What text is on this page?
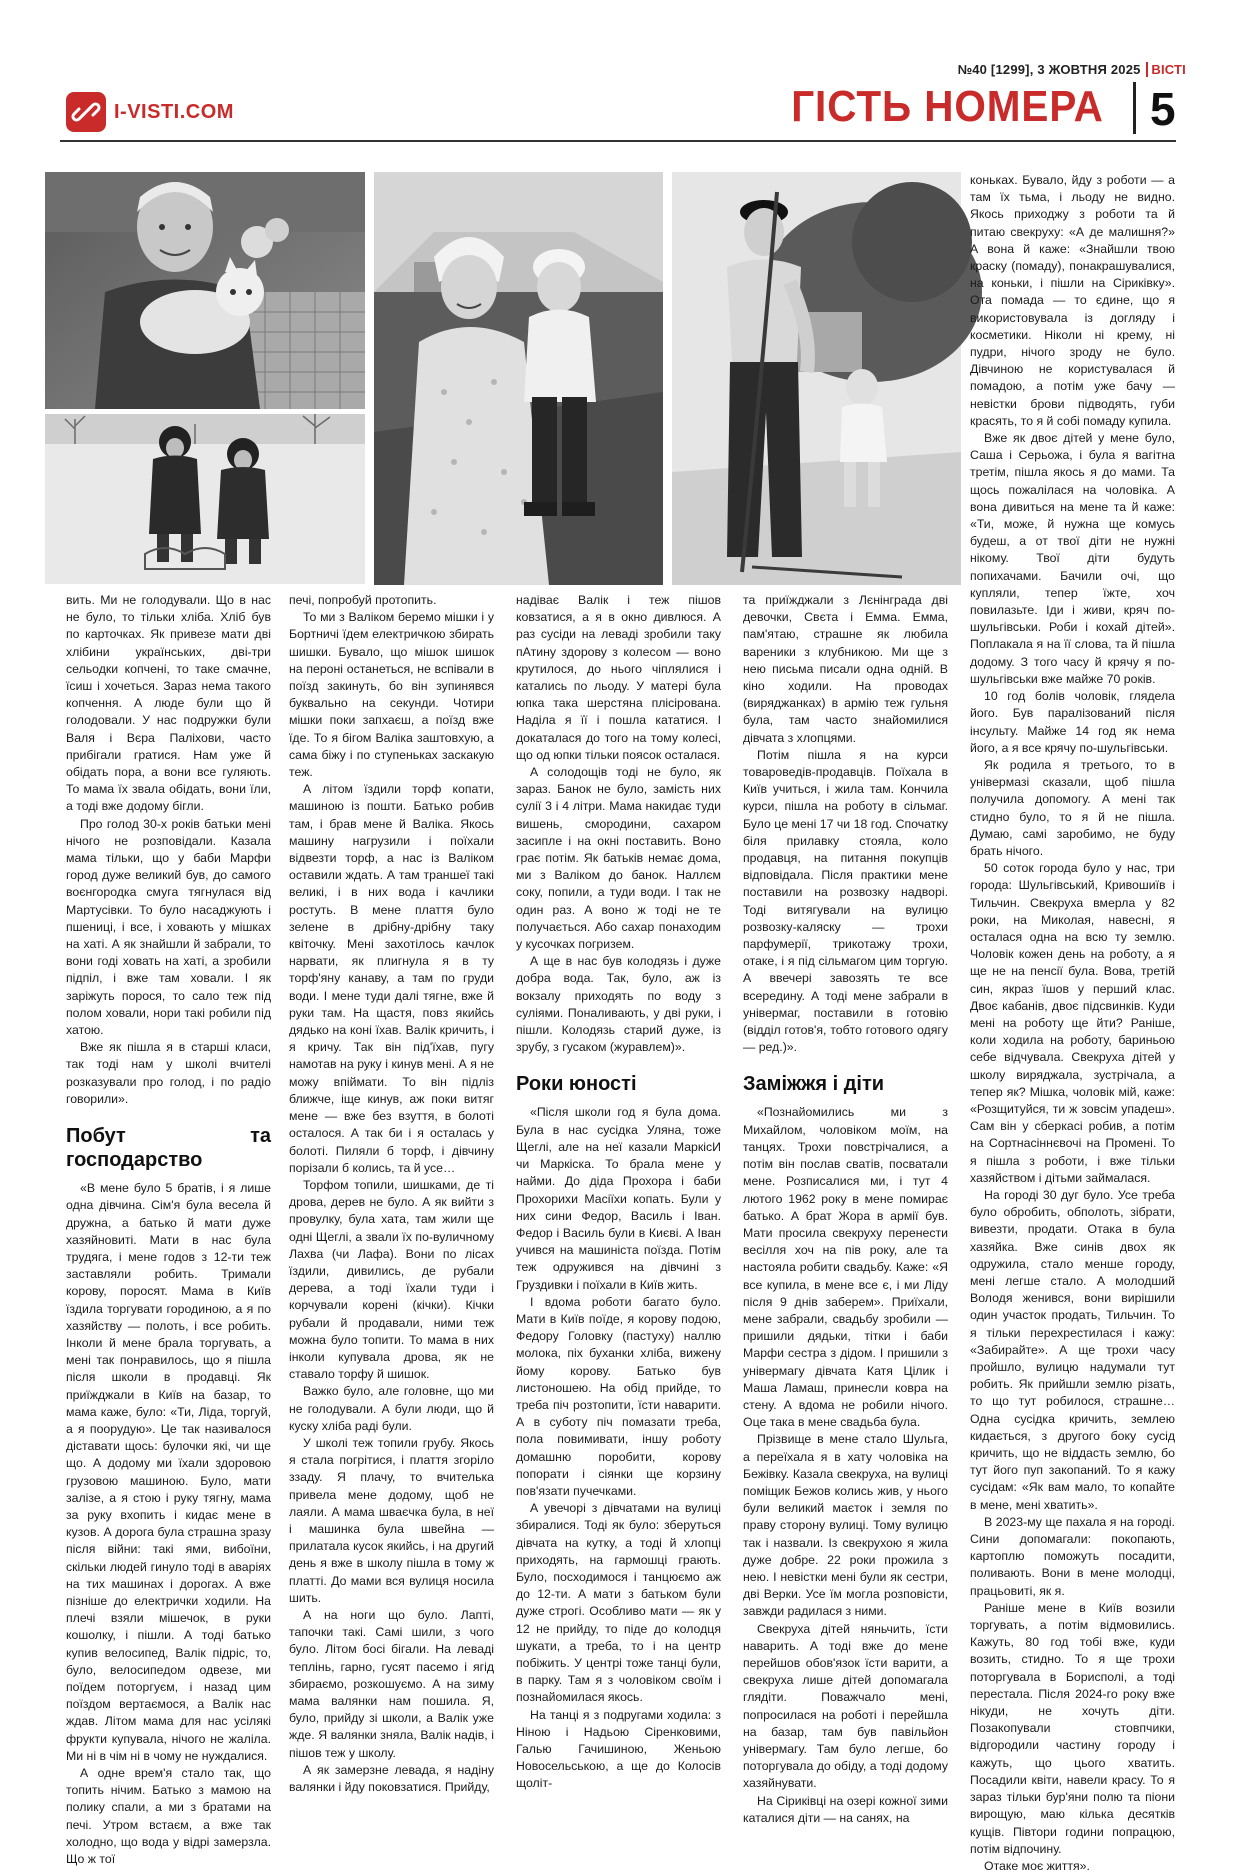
№40 [1299], 3 ЖОВТНЯ 2025 ВІСТІ
I-VISTI.COM	ГІСТЬ НОМЕРА 5

вить. Ми не голодували. Що в нас не було, то тільки хліба. Хліб був по карточках. Як привезе мати дві хлібини українських, дві-три сельодки копчені, то таке смачне, їсиш і хочеться. Зараз нема такого копчення. А люде були що й голодовали. У нас подружки були Валя і Вєра Паліхови, часто прибігали гратися. Нам уже й обідать пора, а вони все гуляють. То мама їх звала обідать, вони їли, а тоді вже додому бігли.

Про голод 30-х років батьки мені нічого не розповідали. Казала мама тільки, що у баби Марфи город дуже великий був, до самого воєнгородка смуга тягнулася від Мартусівки. То було насаджують і пшениці, і все, і ховають у мішках на хаті. А як знайшли й забрали, то вони годі ховать на хаті, а зробили підпіл, і вже там ховали. І як заріжуть порося, то сало теж під полом ховали, нори такі робили під хатою.

Вже як пішла я в старші класи, так тоді нам у школі вчителі розказували про голод, і по радіо говорили».

Побут та господарство

«В мене було 5 братів, і я лише одна дівчина. Сім'я була весела й дружна, а батько й мати дуже хазяйновиті. Мати в нас була трудяга, і мене годов з 12-ти теж заставляли робить. Тримали корову, поросят. Мама в Київ їздила торгувати городиною, а я по хазяйству — полоть, і все робить. Інколи й мене брала торгувать, а мені так понравилось, що я пішла після школи в продавці. Як приїжджали в Київ на базар, то мама каже, було: «Ти, Ліда, торгуй, а я поорудую». Це так називалося діставати щось: булочки які, чи ще що. А додому ми їхали здоровою грузовою машиною. Було, мати залізе, а я стою і руку тягну, мама за руку вхопить і кидає мене в кузов. А дорога була страшна зразу після війни: такі ями, вибоїни, скільки людей гинуло тоді в аваріях на тих машинах і дорогах. А вже пізніше до електрички ходили. На плечі взяли мішечок, в руки кошолку, і пішли. А тоді батько купив велосипед, Валік підріс, то, було, велосипедом одвезе, ми поїдем поторгуєм, і назад цим поїздом вертаємося, а Валік нас ждав. Літом мама для нас усілякі фрукти купувала, нічого не жаліла. Ми ні в чім ні в чому не нуждалися.

А одне врем'я стало так, що топить нічим. Батько з мамою на полику спали, а ми з братами на печі. Утром встаєм, а вже так холодно, що вода у відрі замерзла. Що ж тої

печі, попробуй протопить.

То ми з Валіком беремо мішки і у Бортничі їдем електричкою збирать шишки. Бувало, що мішок шишок на пероні останеться, не вспівали в поїзд закинуть, бо він зупинявся буквально на секунди. Чотири мішки поки запхаєш, а поїзд вже їде. То я бігом Валіка заштовхую, а сама біжу і по ступеньках заскакую теж.

А літом їздили торф копати, машиною із пошти. Батько робив там, і брав мене й Валіка. Якось машину нагрузили і поїхали відвезти торф, а нас із Валіком оставили ждать. А там траншеї такі великі, і в них вода і качлики ростуть. В мене плаття було зелене в дрібну-дрібну таку квіточку. Мені захотілось качлок нарвати, як плигнула я в ту торф'яну канаву, а там по груди води. І мене туди далі тягне, вже й руки там. На щастя, повз якийсь дядько на коні їхав. Валік кричить, і я кричу. Так він під'їхав, пугу намотав на руку і кинув мені. А я не можу впіймати. То він підліз ближче, іще кинув, аж поки витяг мене — вже без взуття, в болоті осталося. А так би і я осталась у болоті. Пиляли б торф, і дівчину порізали б колись, та й усе…

Торфом топили, шишками, де ті дрова, дерев не було. А як вийти з провулку, була хата, там жили ще одні Щеглі, а звали їх по-вуличному Лахва (чи Лафа). Вони по лісах їздили, дивились, де рубали дерева, а тоді їхали туди і корчували корені (кічки). Кічки рубали й продавали, ними теж можна було топити. То мама в них інколи купувала дрова, як не ставало торфу й шишок.

Важко було, але головне, що ми не голодували. А були люди, що й куску хліба раді були.

У школі теж топили грубу. Якось я стала погрітися, і плаття згоріло ззаду. Я плачу, то вчителька привела мене додому, щоб не лаяли. А мама шваєчка була, в неї і машинка була швейна — прилатала кусок якийсь, і на другий день я вже в школу пішла в тому ж платті. До мами вся вулиця носила шить.

А на ноги що було. Лапті, тапочки такі. Самі шили, з чого було. Літом босі бігали. На леваді теплінь, гарно, гусят пасемо і ягід збираємо, розкошуємо. А на зиму мама валянки нам пошила. Я, було, прийду зі школи, а Валік уже жде. Я валянки зняла, Валік надів, і пішов теж у школу.

А як замерзне левада, я надіну валянки і йду поковзатися. Прийду,

надіває Валік і теж пішов ковзатися, а я в окно дивлюся. А раз сусіди на леваді зробили таку пАтину здорову з колесом — воно крутилося, до нього чіплялися і катались по льоду. У матері була юпка така шерстяна плісірована. Наділа я її і пошла кататися. І докаталася до того на тому колесі, що од юпки тільки поясок осталася.

А солодощів тоді не було, як зараз. Банок не було, замість них сулії 3 і 4 літри. Мама накидає туди вишень, смородини, сахаром засипле і на окні поставить. Воно грає потім. Як батьків немає дома, ми з Валіком до банок. Наллєм соку, попили, а туди води. І так не один раз. А воно ж тоді не те получається. Або сахар понаходим у кусочках погризем.

А ще в нас був колодязь і дуже добра вода. Так, було, аж із вокзалу приходять по воду з суліями. Поналивають, у дві руки, і пішли. Колодязь старий дуже, із зрубу, з гусаком (журавлем)».

Роки юності

«Після школи год я була дома. Була в нас сусідка Уляна, тоже Щеглі, але на неї казали МаркісИ чи Маркіска. То брала мене у найми. До дідa Прохора і баби Прохорихи Масіїхи копать. Були у них сини Федор, Василь і Іван. Федор і Василь були в Києві. А Іван учився на машиніста поїзда. Потім теж одружився на дівчині з Груздивки і поїхали в Київ жить.

І вдома роботи багато було. Мати в Київ поїде, я корову подою, Федору Головку (пастуху) наллю молока, піх буханки хліба, вижену йому корову. Батько був листоношею. На обід прийде, то треба піч розтопити, їсти наварити. А в суботу піч помазати треба, пола повимивати, іншу роботу домашню поробити, корову попорати і сіянки ще корзину пов'язати пучечками.

А увечорі з дівчатами на вулиці збиралися. Тоді як було: зберуться дівчата на кутку, а тоді й хлопці приходять, на гармошці грають. Було, посходимося і танцюємо аж до 12-ти. А мати з батьком були дуже строгі. Особливо мати — як у 12 не прийду, то піде до колодця шукати, а треба, то і на центр побіжить. У центрі тоже танці були, в парку. Там я з чоловіком своїм і познайомилася якось.

На танці я з подругами ходила: з Ніною і Надьою Сіренковими, Галью Гачишиною, Женьою Новосельською, а ще до Колосів щоліт-

та приїжджали з Лєнінграда дві девочки, Свєта і Емма. Емма, пам'ятаю, страшне як любила вареники з клубникою. Ми ще з нею письма писали одна одній. В кіно ходили. На проводах (виряджанках) в армію теж гульня була, там часто знайомилися дівчата з хлопцями.

Потім пішла я на курси товароведів-продавців. Поїхала в Київ учиться, і жила там. Кончила курси, пішла на роботу в сільмаг. Було це мені 17 чи 18 год. Спочатку біля прилавку стояла, коло продавця, на питання покупців відповідала. Після практики мене поставили на розвозку надворі. Тоді витягували на вулицю розвозку-каляску — трохи парфумерії, трикотажу трохи, отаке, і я під сільмагом цим торгую. А ввечері завозять те все всередину. А тоді мене забрали в універмаг, поставили в готовію (відділ готов'я, тобто готового одягу — ред.)».

Заміжжя і діти

«Познайомились ми з Михайлом, чоловіком моїм, на танцях. Трохи повстрічалися, а потім він послав сватів, посватали мене. Розписалися ми, і тут 4 лютого 1962 року в мене помирає батько. А брат Жора в армії був. Мати просила свекруху перенести весілля хоч на пів року, але та настояла робити свадьбу. Каже: «Я все купила, в мене все є, і ми Ліду після 9 днів заберем». Приїхали, мене забрали, свадьбу зробили — пришили дядьки, тітки і баби Марфи сестра з дідом. І пришили з універмагу дівчата Катя Цілик і Маша Ламаш, принесли ковра на стену. А вдома не робили нічого. Оце така в мене свадьба була.

Прізвище в мене стало Шульга, а переїхала я в хату чоловіка на Бежівку. Казала свекруха, на вулиці поміщик Бежов колись жив, у нього були великий маєток і земля по праву сторону вулиці. Тому вулицю так і назвали. Із свекрухою я жила дуже добре. 22 роки прожила з нею. І невістки мені були як сестри, дві Верки. Усе їм могла розповісти, завжди радилася з ними.

Свекруха дітей няньчить, їсти наварить. А тоді вже до мене перейшов обов'язок їсти варити, а свекруха лише дітей допомагала глядіти. Поважчало мені, попросилася на роботі і перейшла на базар, там був павільйон універмагу. Там було легше, бо поторгувала до обіду, а тоді додому хазяйнувати.

На Сіриківці на озері кожної зими каталися діти — на санях, на

коньках. Бувало, йду з роботи — а там їх тьма, і льоду не видно. Якось приходжу з роботи та й питаю свекруху: «А де малишня?» А вона й каже: «Знайшли твою краску (помаду), понакрашувалися, на коньки, і пішли на Сіриківку». Ота помада — то єдине, що я використовувала із догляду і косметики. Ніколи ні крему, ні пудри, нічого зроду не було. Дівчиною не користувалася й помадою, а потім уже бачу — невістки брови підводять, губи красять, то я й собі помаду купила.

Вже як двоє дітей у мене було, Саша і Серьожа, і була я вагітна третім, пішла якось я до мами. Та щось пожалілася на чоловіка. А вона дивиться на мене та й каже: «Ти, може, й нужна ще комусь будеш, а от твої діти не нужні нікому. Твої діти будуть попихачами. Бачили очі, що купляли, тепер їжте, хоч повилазьте. Іди і живи, кряч по-шульгівськи. Роби і кохай дітей». Поплакала я на її слова, та й пішла додому. З того часу й крячу я по-шульгівськи вже майже 70 років.

10 год болів чоловік, глядела його. Був паралізований після інсульту. Майже 14 год як нема його, а я все крячу по-шульгівськи.

Як родила я третього, то в універмазі сказали, щоб пішла получила допомогу. А мені так стидно було, то я й не пішла. Думаю, самі заробимо, не буду брать нічого.

50 соток города було у нас, три города: Шульгівський, Кривошиїв і Тильчин. Свекруха вмерла у 82 роки, на Миколая, навесні, я осталася одна на всю ту землю. Чоловік кожен день на роботу, а я ще не на пенсії була. Вова, третій син, якраз їшов у перший клас. Двоє кабанів, двоє підсвинків. Куди мені на роботу ще йти? Раніше, коли ходила на роботу, бариньою себе відчувала. Свекруха дітей у школу виряджала, зустрічала, а тепер як? Мішка, чоловік мій, каже: «Розщитуйся, ти ж зовсім упадеш». Сам він у сберкасі робив, а потім на Сортнасіннєвочі на Промені. То я пішла з роботи, і вже тільки хазяйством і дітьми займалася.

На городі 30 дуг було. Усе треба було обробить, обполоть, зібрати, вивезти, продати. Отака в була хазяйка. Вже синів двох як одружила, стало менше городу, мені легше стало. А молодший Володя женився, вони вирішили один участок продать, Тильчин. То я тільки перехрестилася і кажу: «Забирайте». А ще трохи часу пройшло, вулицю надумали тут робить. Як прийшли землю різать, то що тут робилося, страшне… Одна сусідка кричить, землею кидається, з другого боку сусід кричить, що не віддасть землю, бо тут його пуп закопаний. То я кажу сусідам: «Як вам мало, то копайте в мене, мені хватить».

В 2023-му ще пахала я на городі. Сини допомагали: покопають, картоплю поможуть посадити, поливають. Вони в мене молодці, працьовиті, як я.

Раніше мене в Київ возили торгувать, а потім відмовились. Кажуть, 80 год тобі вже, куди возить, стидно. То я ще трохи поторгувала в Борисполі, а тоді перестала. Після 2024-го року вже нікуди, не хочуть діти. Позакопували стовпчики, відгородили частину городу і кажуть, що цього хватить. Посадили квіти, навели красу. То я зараз тільки бур'яни полю та піони вирощую, маю кілька десятків кущів. Півтори години попрацюю, потім відпочину.

Отаке моє життя».
